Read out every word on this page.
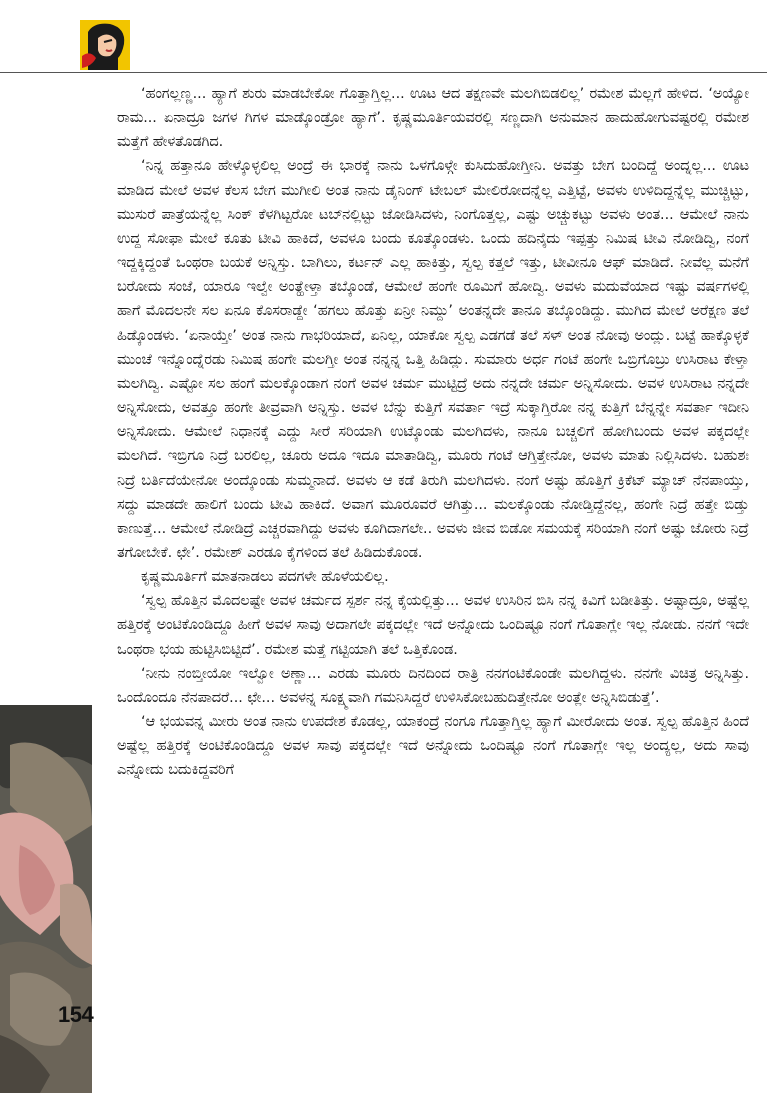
154

‘ಹಂಗಲ್ಲಣ್ಣ... ಹ್ಯಾಗೆ ಶುರು ಮಾಡಬೇಕೋ ಗೊತ್ತಾಗ್ತಿಲ್ಲ... ಊಟ ಆದ ತಕ್ಷಣವೇ ಮಲಗಿಬಿಡಲಿಲ್ಲ’ ರಮೇಶ ಮೆಲ್ಲಗೆ ಹೇಳಿದ. ‘ಅಯ್ಯೋ ರಾಮ... ಏನಾದ್ರೂ ಜಗಳ ಗಿಗಳ ಮಾಡ್ಕೊಂಡ್ರೋ ಹ್ಯಾಗೆ’. ಕೃಷ್ಣಮೂರ್ತಿಯವರಲ್ಲಿ ಸಣ್ಣದಾಗಿ ಅನುಮಾನ ಹಾದುಹೋಗುವಷ್ಟರಲ್ಲಿ ರಮೇಶ ಮತ್ತೆಗೆ ಹೇಳತೊಡಗಿದ.

‘ನಿನ್ನ ಹತ್ತಾನೂ ಹೇಳ್ಕೊಳ್ಳಲಿಲ್ಲ ಅಂದ್ರೆ ಈ ಭಾರಕ್ಕೆ ನಾನು ಒಳಗೊಳ್ಗೇ ಕುಸಿದುಹೋಗ್ತೀನಿ. ಅವತ್ತು ಬೇಗ ಬಂದಿದ್ದೆ ಅಂದ್ನಲ್ಲ... ಊಟ ಮಾಡಿದ ಮೇಲೆ ಅವಳ ಕೆಲಸ ಬೇಗ ಮುಗೀಲಿ ಅಂತ ನಾನು ಡೈನಿಂಗ್ ಟೇಬಲ್ ಮೇಲಿರೋದನ್ನೆಲ್ಲ ಎತ್ತಿಟ್ಟೆ, ಅವಳು ಉಳಿದಿದ್ದನ್ನೆಲ್ಲ ಮುಚ್ಚಿಟ್ಟು, ಮುಸುರೆ ಪಾತ್ರೆಯನ್ನೆಲ್ಲ ಸಿಂಕ್ ಕೆಳಗಿಟ್ಟರೋ ಟಬ್‍ನಲ್ಲಿಟ್ಟು ಜೋಡಿಸಿದಳು, ನಿಂಗೊತ್ತಲ್ಲ, ಎಷ್ಟು ಅಚ್ಚುಕಟ್ಟು ಅವಳು ಅಂತ... ಆಮೇಲೆ ನಾನು ಉದ್ದ ಸೋಫಾ ಮೇಲೆ ಕೂತು ಟೀವಿ ಹಾಕಿದೆ, ಅವಳೂ ಬಂದು ಕೂತ್ಕೊಂಡಳು. ಒಂದು ಹದಿನೈದು ಇಪ್ಪತ್ತು ನಿಮಿಷ ಟೀವಿ ನೋಡಿದ್ವಿ, ನಂಗೆ ಇದ್ದಕ್ಕಿದ್ದಂತೆ ಒಂಥರಾ ಬಯಕೆ ಅನ್ನಿಸ್ತು. ಬಾಗಿಲು, ಕರ್ಟನ್ ಎಲ್ಲ ಹಾಕಿತ್ತು, ಸ್ವಲ್ಪ ಕತ್ತಲೆ ಇತ್ತು, ಟೀವೀನೂ ಆಫ್ ಮಾಡಿದೆ. ನೀವೆಲ್ಲ ಮನೆಗೆ ಬರೋದು ಸಂಜೆ, ಯಾರೂ ಇಲ್ವೇ ಅಂತ್ಹೇಳ್ತಾ ತಬ್ಕೊಂಡೆ, ಆಮೇಲೆ ಹಂಗೇ ರೂಮಿಗೆ ಹೋದ್ವಿ. ಅವಳು ಮದುವೆಯಾದ ಇಷ್ಟು ವರ್ಷಗಳಲ್ಲಿ ಹಾಗೆ ಮೊದಲನೇ ಸಲ ಏನೂ ಕೊಸರಾಡ್ದೇ ‘ಹಗಲು ಹೊತ್ತು ಏನ್ರೀ ನಿಮ್ದು’ ಅಂತನ್ನದೇ ತಾನೂ ತಬ್ಕೊಂಡಿದ್ದು. ಮುಗಿದ ಮೇಲೆ ಅರೆಕ್ಷಣ ತಲೆ ಹಿಡ್ಕೊಂಡಳು. ‘ಏನಾಯ್ತೇ’ ಅಂತ ನಾನು ಗಾಭರಿಯಾದೆ, ಏನಿಲ್ಲ, ಯಾಕೋ ಸ್ವಲ್ಪ ಎಡಗಡೆ ತಲೆ ಸಳ್ ಅಂತ ನೋವು ಅಂದ್ಲು. ಬಟ್ಟೆ ಹಾಕ್ಕೊಳ್ಳಕೆ ಮುಂಚೆ ಇನ್ನೊಂದ್ನೆರಡು ನಿಮಿಷ ಹಂಗೇ ಮಲಗ್ತೀ ಅಂತ ನನ್ನನ್ನ ಒತ್ತಿ ಹಿಡಿದ್ಲು. ಸುಮಾರು ಅರ್ಧ ಗಂಟೆ ಹಂಗೇ ಒಬ್ರಿಗೊಬ್ರು ಉಸಿರಾಟ ಕೇಳ್ತಾ ಮಲಗಿದ್ವಿ. ಎಷ್ಟೋ ಸಲ ಹಂಗೆ ಮಲಕ್ಕೊಂಡಾಗ ನಂಗೆ ಅವಳ ಚರ್ಮ ಮುಟ್ಟಿದ್ರೆ ಅದು ನನ್ನದೇ ಚರ್ಮ ಅನ್ನಿಸೋದು. ಅವಳ ಉಸಿರಾಟ ನನ್ನದೇ ಅನ್ನಿಸೋದು, ಅವತ್ತೂ ಹಂಗೇ ತೀವ್ರವಾಗಿ ಅನ್ನಿಸ್ತು. ಅವಳ ಬೆನ್ನು ಕುತ್ತಿಗೆ ಸವರ್ತಾ ಇದ್ರೆ ಸುಕ್ಕಾಗ್ತಿರೋ ನನ್ನ ಕುತ್ತಿಗೆ ಬೆನ್ನನ್ನೇ ಸವರ್ತಾ ಇದೀನಿ ಅನ್ನಿಸೋದು. ಆಮೇಲೆ ನಿಧಾನಕ್ಕೆ ಎದ್ದು ಸೀರೆ ಸರಿಯಾಗಿ ಉಟ್ಕೊಂಡು ಮಲಗಿದಳು, ನಾನೂ ಬಚ್ಚಲಿಗೆ ಹೋಗಿಬಂದು ಅವಳ ಪಕ್ಕದಲ್ಲೇ ಮಲಗಿದೆ. ಇಬ್ರಿಗೂ ನಿದ್ರೆ ಬರಲಿಲ್ಲ, ಚೂರು ಅದೂ ಇದೂ ಮಾತಾಡಿದ್ವಿ, ಮೂರು ಗಂಟೆ ಆಗ್ತಿತ್ತೇನೋ, ಅವಳು ಮಾತು ನಿಲ್ಲಿಸಿದಳು. ಬಹುಶಃ ನಿದ್ರೆ ಬರ್ತಿದೆಯೇನೋ ಅಂದ್ಕೊಂಡು ಸುಮ್ಮನಾದೆ. ಅವಳು ಆ ಕಡೆ ತಿರುಗಿ ಮಲಗಿದಳು. ನಂಗೆ ಅಷ್ಟು ಹೊತ್ತಿಗೆ ಕ್ರಿಕೆಟ್ ಮ್ಯಾಚ್ ನೆನಪಾಯ್ತು, ಸದ್ದು ಮಾಡದೇ ಹಾಲಿಗೆ ಬಂದು ಟೀವಿ ಹಾಕಿದೆ. ಅವಾಗ ಮೂರೂವರೆ ಆಗಿತ್ತು... ಮಲಕ್ಕೊಂಡು ನೋಡ್ತಿದ್ದೆನಲ್ಲ, ಹಂಗೇ ನಿದ್ರೆ ಹತ್ತೇ ಬಿಡ್ತು ಕಾಣುತ್ತೆ... ಆಮೇಲೆ ನೋಡಿದ್ರೆ ಎಚ್ಚರವಾಗಿದ್ದು ಅವಳು ಕೂಗಿದಾಗಲೇ.. ಅವಳು ಜೀವ ಬಿಡೋ ಸಮಯಕ್ಕೆ ಸರಿಯಾಗಿ ನಂಗೆ ಅಷ್ಟು ಜೋರು ನಿದ್ರೆ ತಗೋಬೇಕೆ. ಛೇ’. ರಮೇಶ್ ಎರಡೂ ಕೈಗಳಿಂದ ತಲೆ ಹಿಡಿದುಕೊಂಡ.

ಕೃಷ್ಣಮೂರ್ತಿಗೆ ಮಾತನಾಡಲು ಪದಗಳೇ ಹೊಳೆಯಲಿಲ್ಲ.

‘ಸ್ವಲ್ಪ ಹೊತ್ತಿನ ಮೊದಲಷ್ಟೇ ಅವಳ ಚರ್ಮದ ಸ್ಪರ್ಶ ನನ್ನ ಕೈಯಲ್ಲಿತ್ತು... ಅವಳ ಉಸಿರಿನ ಬಿಸಿ ನನ್ನ ಕಿವಿಗೆ ಬಡೀತಿತ್ತು. ಅಷ್ಟಾದ್ರೂ, ಅಷ್ಟೆಲ್ಲ ಹತ್ತಿರಕ್ಕೆ ಅಂಟಿಕೊಂಡಿದ್ದೂ ಹೀಗೆ ಅವಳ ಸಾವು ಅದಾಗಲೇ ಪಕ್ಕದಲ್ಲೇ ಇದೆ ಅನ್ನೋದು ಒಂದಿಷ್ಟೂ ನಂಗೆ ಗೊತಾಗ್ಲೇ ಇಲ್ಲ ನೋಡು. ನನಗೆ ಇದೇ ಒಂಥರಾ ಭಯ ಹುಟ್ಟಿಸಿಬಿಟ್ಟಿದೆ’. ರಮೇಶ ಮತ್ತೆ ಗಟ್ಟಿಯಾಗಿ ತಲೆ ಒತ್ತಿಕೊಂಡ.

‘ನೀನು ನಂಬ್ತೀಯೋ ಇಲ್ವೋ ಅಣ್ಣಾ... ಎರಡು ಮೂರು ದಿನದಿಂದ ರಾತ್ರಿ ನನಗಂಟಿಕೊಂಡೇ ಮಲಗಿದ್ದಳು. ನನಗೇ ವಿಚಿತ್ರ ಅನ್ನಿಸಿತ್ತು. ಒಂದೊಂದೂ ನೆನಪಾದರೆ... ಛೇ... ಅವಳನ್ನ ಸೂಕ್ಷ್ಮವಾಗಿ ಗಮನಿಸಿದ್ದರೆ ಉಳಿಸಿಕೋಬಹುದಿತ್ತೇನೋ ಅಂತ್ಲೇ ಅನ್ನಿಸಿಬಿಡುತ್ತೆ’.

‘ಆ ಭಯವನ್ನ ಮೀರು ಅಂತ ನಾನು ಉಪದೇಶ ಕೊಡಲ್ಲ, ಯಾಕಂದ್ರೆ ನಂಗೂ ಗೊತ್ತಾಗ್ತಿಲ್ಲ ಹ್ಯಾಗೆ ಮೀರೋದು ಅಂತ. ಸ್ವಲ್ಪ ಹೊತ್ತಿನ ಹಿಂದೆ ಅಷ್ಟೆಲ್ಲ ಹತ್ತಿರಕ್ಕೆ ಅಂಟಿಕೊಂಡಿದ್ದೂ ಅವಳ ಸಾವು ಪಕ್ಕದಲ್ಲೇ ಇದೆ ಅನ್ನೋದು ಒಂದಿಷ್ಟೂ ನಂಗೆ ಗೊತಾಗ್ಲೇ ಇಲ್ಲ ಅಂದ್ಯಲ್ಲ, ಅದು ಸಾವು ಎನ್ನೋದು ಬದುಕಿದ್ದವರಿಗೆ
